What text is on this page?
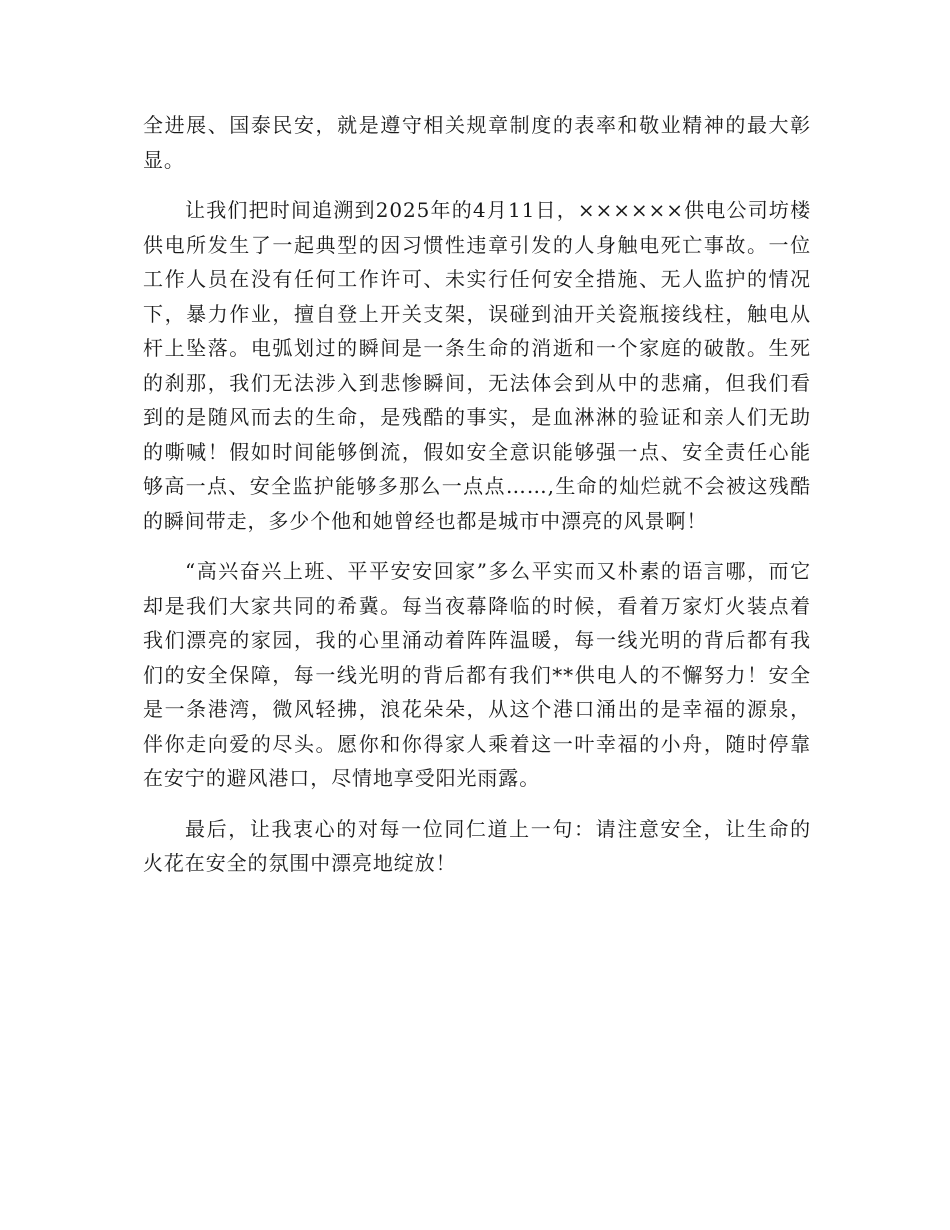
全进展、国泰民安，就是遵守相关规章制度的表率和敬业精神的最大彰显。

让我们把时间追溯到2025年的4月11日，××××××供电公司坊楼供电所发生了一起典型的因习惯性违章引发的人身触电死亡事故。一位工作人员在没有任何工作许可、未实行任何安全措施、无人监护的情况下，暴力作业，擅自登上开关支架，误碰到油开关瓷瓶接线柱，触电从杆上坠落。电弧划过的瞬间是一条生命的消逝和一个家庭的破散。生死的刹那，我们无法涉入到悲惨瞬间，无法体会到从中的悲痛，但我们看到的是随风而去的生命，是残酷的事实，是血淋淋的验证和亲人们无助的嘶喊！假如时间能够倒流，假如安全意识能够强一点、安全责任心能够高一点、安全监护能够多那么一点点……,生命的灿烂就不会被这残酷的瞬间带走，多少个他和她曾经也都是城市中漂亮的风景啊！

“高兴奋兴上班、平平安安回家”多么平实而又朴素的语言哪，而它却是我们大家共同的希冀。每当夜幕降临的时候，看着万家灯火装点着我们漂亮的家园，我的心里涌动着阵阵温暖，每一线光明的背后都有我们的安全保障，每一线光明的背后都有我们**供电人的不懈努力！安全是一条港湾，微风轻拂，浪花朵朵，从这个港口涌出的是幸福的源泉，伴你走向爱的尽头。愿你和你得家人乘着这一叶幸福的小舟，随时停靠在安宁的避风港口，尽情地享受阳光雨露。

最后，让我衷心的对每一位同仁道上一句：请注意安全，让生命的火花在安全的氛围中漂亮地绽放！
